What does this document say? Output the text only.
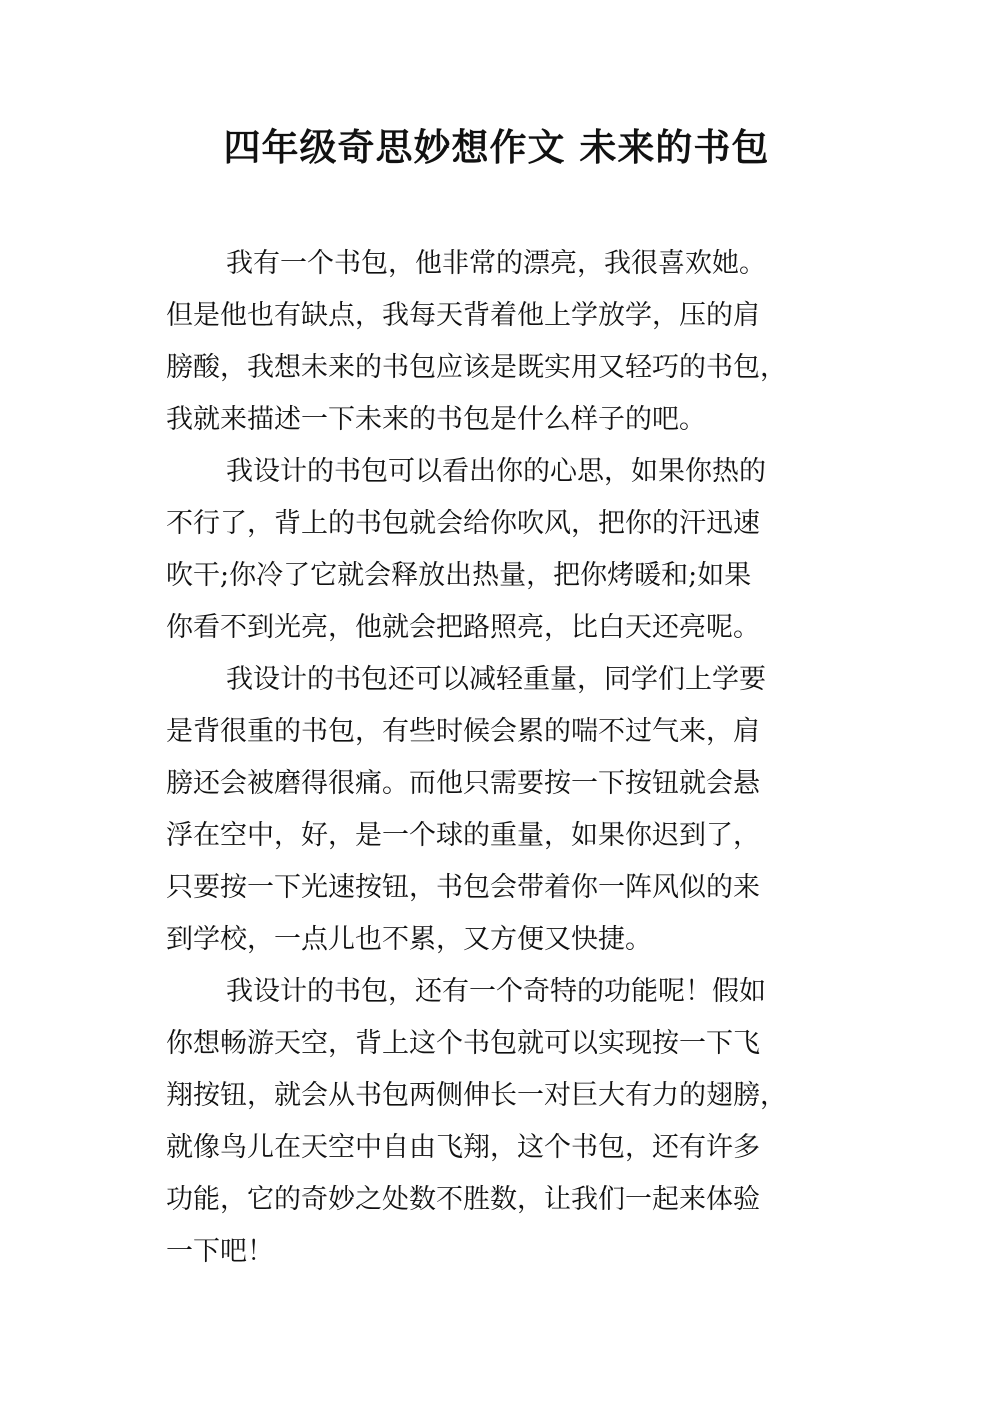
四年级奇思妙想作文 未来的书包

我有一个书包，他非常的漂亮，我很喜欢她。

但是他也有缺点，我每天背着他上学放学，压的肩

膀酸，我想未来的书包应该是既实用又轻巧的书包，

我就来描述一下未来的书包是什么样子的吧。

我设计的书包可以看出你的心思，如果你热的

不行了，背上的书包就会给你吹风，把你的汗迅速

吹干;你冷了它就会释放出热量，把你烤暖和;如果

你看不到光亮，他就会把路照亮，比白天还亮呢。

我设计的书包还可以减轻重量，同学们上学要

是背很重的书包，有些时候会累的喘不过气来，肩

膀还会被磨得很痛。而他只需要按一下按钮就会悬

浮在空中，好，是一个球的重量，如果你迟到了，

只要按一下光速按钮，书包会带着你一阵风似的来

到学校，一点儿也不累，又方便又快捷。

我设计的书包，还有一个奇特的功能呢！假如

你想畅游天空，背上这个书包就可以实现按一下飞

翔按钮，就会从书包两侧伸长一对巨大有力的翅膀，

就像鸟儿在天空中自由飞翔，这个书包，还有许多

功能，它的奇妙之处数不胜数，让我们一起来体验

一下吧！
